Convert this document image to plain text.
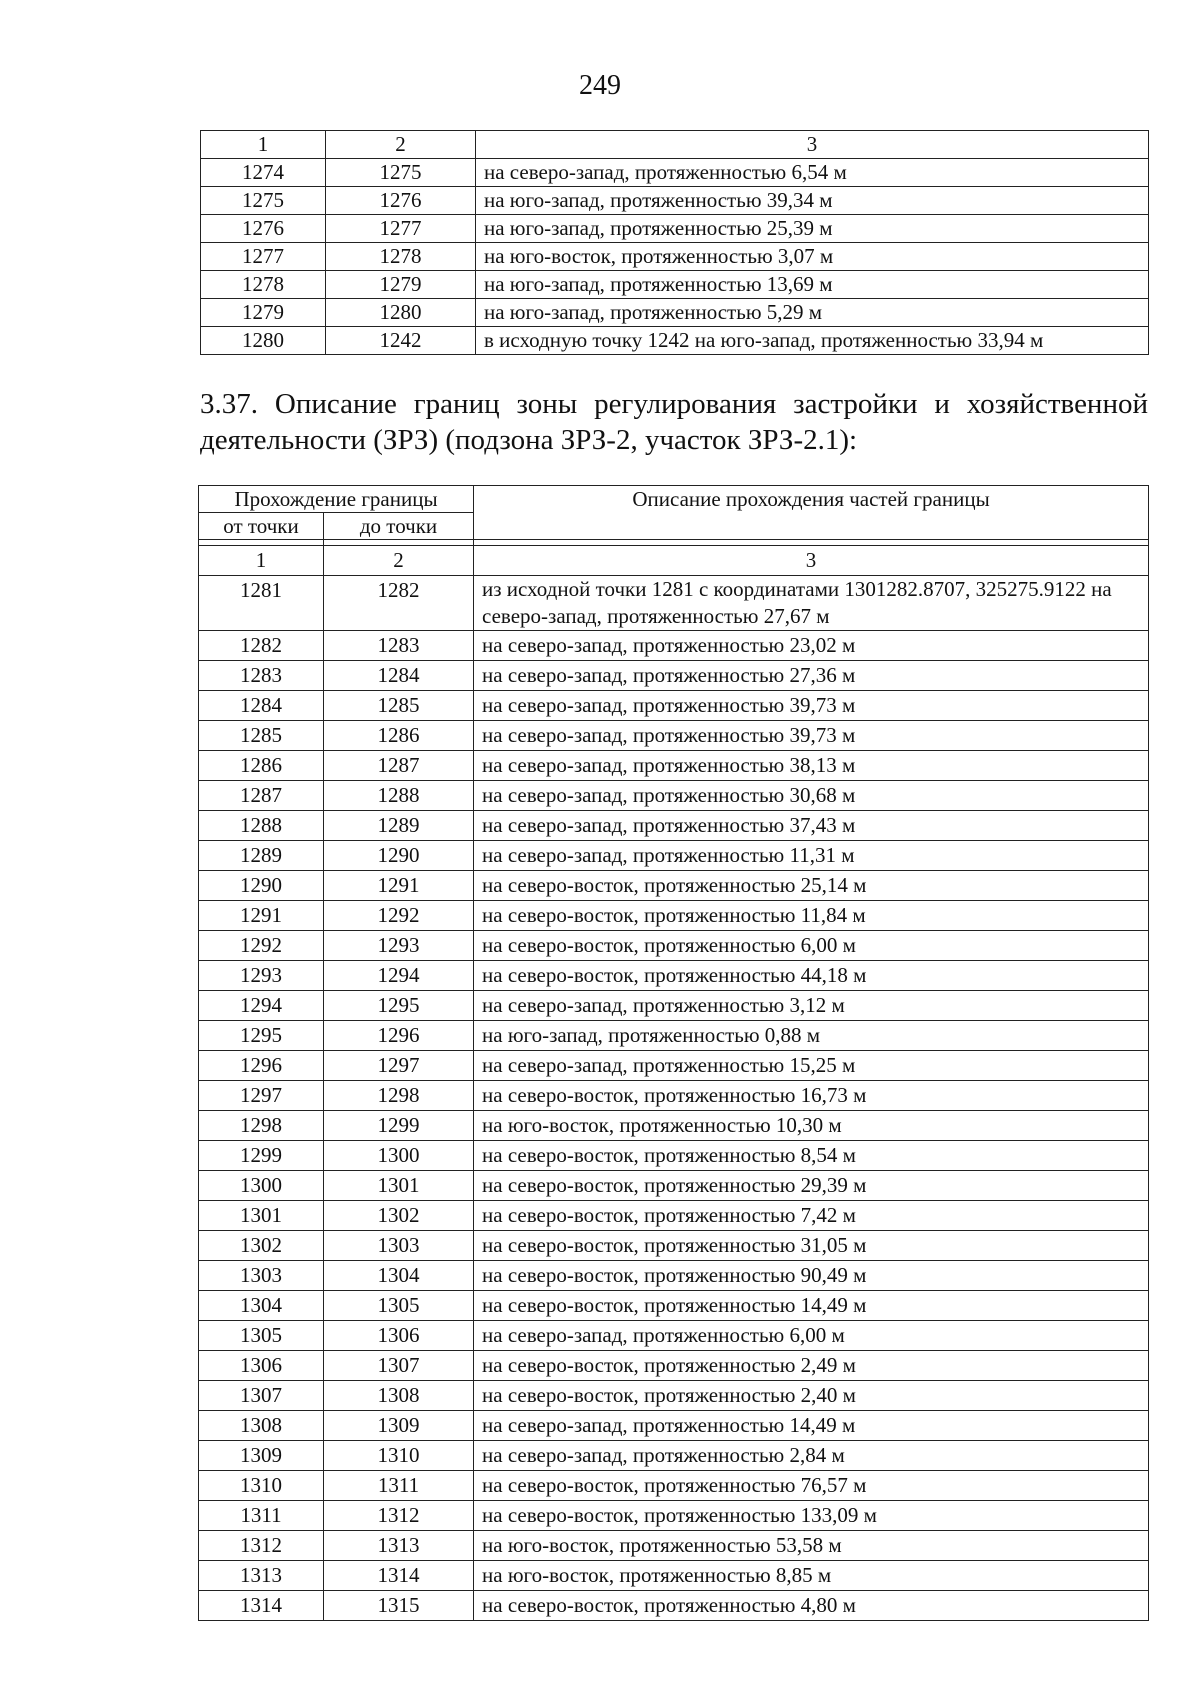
249
1	2	3
1274	1275	на северо-запад, протяженностью 6,54 м
1275	1276	на юго-запад, протяженностью 39,34 м
1276	1277	на юго-запад, протяженностью 25,39 м
1277	1278	на юго-восток, протяженностью 3,07 м
1278	1279	на юго-запад, протяженностью 13,69 м
1279	1280	на юго-запад, протяженностью 5,29 м
1280	1242	в исходную точку 1242 на юго-запад, протяженностью 33,94 м
3.37. Описание границ зоны регулирования застройки и хозяйственной деятельности (ЗРЗ) (подзона ЗРЗ-2, участок ЗРЗ-2.1):
Прохождение границы		Описание прохождения частей границы
от точки	до точки	

1	2	3
1281	1282	из исходной точки 1281 с координатами 1301282.8707, 325275.9122 на северо-запад, протяженностью 27,67 м
1282	1283	на северо-запад, протяженностью 23,02 м
1283	1284	на северо-запад, протяженностью 27,36 м
1284	1285	на северо-запад, протяженностью 39,73 м
1285	1286	на северо-запад, протяженностью 39,73 м
1286	1287	на северо-запад, протяженностью 38,13 м
1287	1288	на северо-запад, протяженностью 30,68 м
1288	1289	на северо-запад, протяженностью 37,43 м
1289	1290	на северо-запад, протяженностью 11,31 м
1290	1291	на северо-восток, протяженностью 25,14 м
1291	1292	на северо-восток, протяженностью 11,84 м
1292	1293	на северо-восток, протяженностью 6,00 м
1293	1294	на северо-восток, протяженностью 44,18 м
1294	1295	на северо-запад, протяженностью 3,12 м
1295	1296	на юго-запад, протяженностью 0,88 м
1296	1297	на северо-запад, протяженностью 15,25 м
1297	1298	на северо-восток, протяженностью 16,73 м
1298	1299	на юго-восток, протяженностью 10,30 м
1299	1300	на северо-восток, протяженностью 8,54 м
1300	1301	на северо-восток, протяженностью 29,39 м
1301	1302	на северо-восток, протяженностью 7,42 м
1302	1303	на северо-восток, протяженностью 31,05 м
1303	1304	на северо-восток, протяженностью 90,49 м
1304	1305	на северо-восток, протяженностью 14,49 м
1305	1306	на северо-запад, протяженностью 6,00 м
1306	1307	на северо-восток, протяженностью 2,49 м
1307	1308	на северо-восток, протяженностью 2,40 м
1308	1309	на северо-запад, протяженностью 14,49 м
1309	1310	на северо-запад, протяженностью 2,84 м
1310	1311	на северо-восток, протяженностью 76,57 м
1311	1312	на северо-восток, протяженностью 133,09 м
1312	1313	на юго-восток, протяженностью 53,58 м
1313	1314	на юго-восток, протяженностью 8,85 м
1314	1315	на северо-восток, протяженностью 4,80 м
